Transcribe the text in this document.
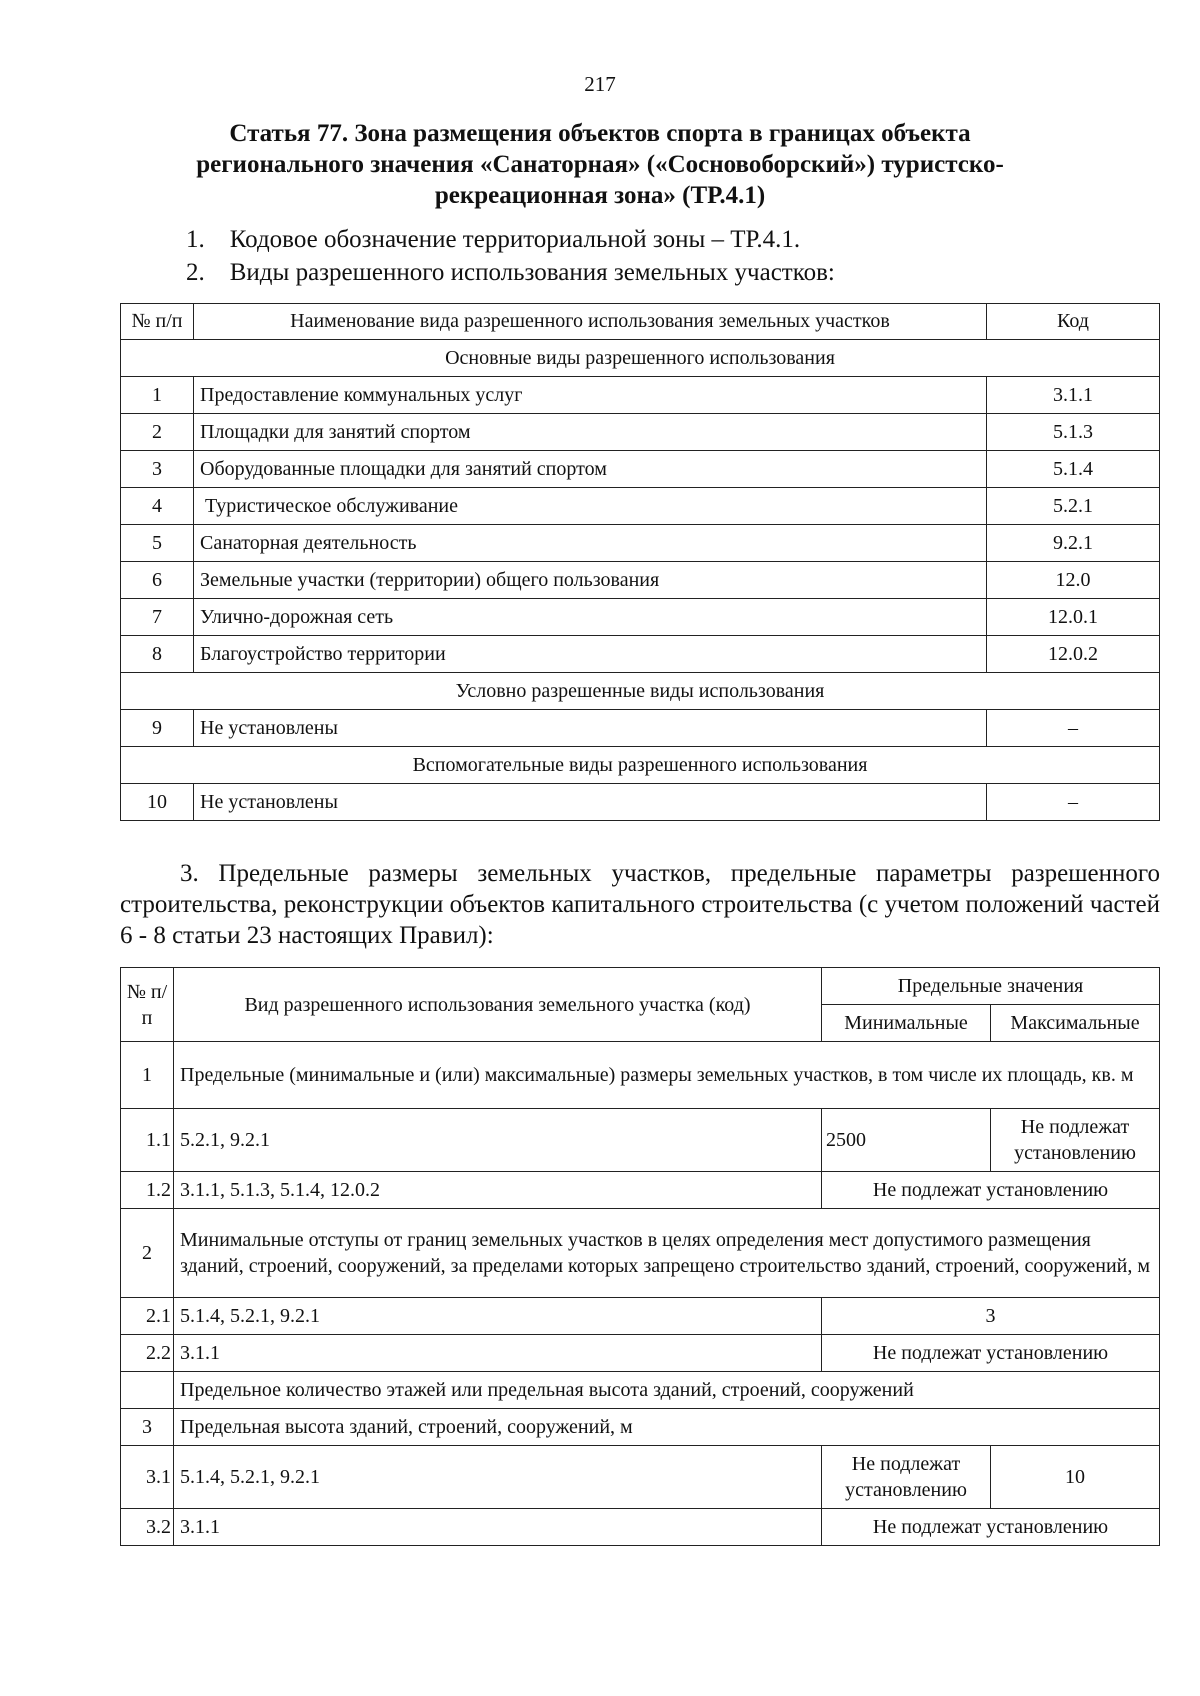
217
Статья 77. Зона размещения объектов спорта в границах объекта регионального значения «Санаторная» («Сосновоборский») туристско-рекреационная зона» (ТР.4.1)
1. Кодовое обозначение территориальной зоны – ТР.4.1.
2. Виды разрешенного использования земельных участков:
№ п/п	Наименование вида разрешенного использования земельных участков	Код
Основные виды разрешенного использования		
1	Предоставление коммунальных услуг	3.1.1
2	Площадки для занятий спортом	5.1.3
3	Оборудованные площадки для занятий спортом	5.1.4
4	Туристическое обслуживание	5.2.1
5	Санаторная деятельность	9.2.1
6	Земельные участки (территории) общего пользования	12.0
7	Улично-дорожная сеть	12.0.1
8	Благоустройство территории	12.0.2
Условно разрешенные виды использования		
9	Не установлены	–
Вспомогательные виды разрешенного использования		
10	Не установлены	–
3. Предельные размеры земельных участков, предельные параметры разрешенного строительства, реконструкции объектов капитального строительства (с учетом положений частей 6 - 8 статьи 23 настоящих Правил):
№ п/п	Вид разрешенного использования земельного участка (код)	Предельные значения	
		Минимальные	Максимальные
1	Предельные (минимальные и (или) максимальные) размеры земельных участков, в том числе их площадь, кв. м		
1.1	5.2.1, 9.2.1	2500	Не подлежат установлению
1.2	3.1.1, 5.1.3, 5.1.4, 12.0.2	Не подлежат установлению	
2	Минимальные отступы от границ земельных участков в целях определения мест допустимого размещения зданий, строений, сооружений, за пределами которых запрещено строительство зданий, строений, сооружений, м		
2.1	5.1.4, 5.2.1, 9.2.1	3	
2.2	3.1.1	Не подлежат установлению	
	Предельное количество этажей или предельная высота зданий, строений, сооружений		
3	Предельная высота зданий, строений, сооружений, м		
3.1	5.1.4, 5.2.1, 9.2.1	Не подлежат установлению	10
3.2	3.1.1	Не подлежат установлению	
